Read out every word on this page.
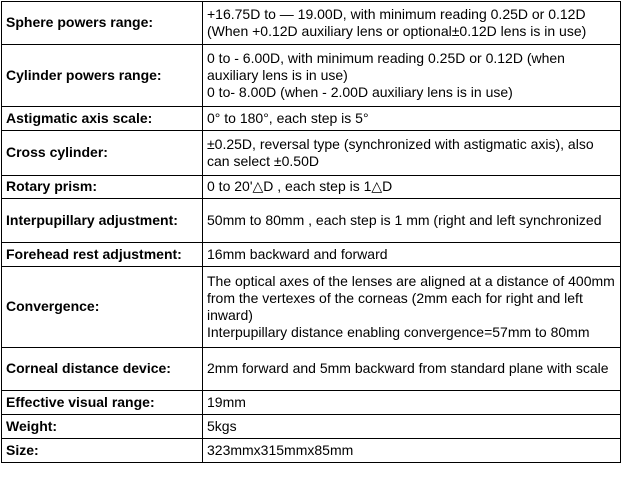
Sphere powers range:	+16.75D to — 19.00D, with minimum reading 0.25D or 0.12D (When +0.12D auxiliary lens or optional±0.12D lens is in use)

Cylinder powers range:	0 to - 6.00D, with minimum reading 0.25D or 0.12D (when auxiliary lens is in use)
0 to- 8.00D (when - 2.00D auxiliary lens is in use)

Astigmatic axis scale:	0° to 180°, each step is 5°

Cross cylinder:	±0.25D, reversal type (synchronized with astigmatic axis), also can select ±0.50D

Rotary prism:	0 to 20'△D , each step is 1△D

Interpupillary adjustment:	50mm to 80mm , each step is 1 mm (right and left synchronized

Forehead rest adjustment:	16mm backward and forward

Convergence:	The optical axes of the lenses are aligned at a distance of 400mm from the vertexes of the corneas (2mm each for right and left inward)
Interpupillary distance enabling convergence=57mm to 80mm

Corneal distance device:	2mm forward and 5mm backward from standard plane with scale

Effective visual range:	19mm

Weight:	5kgs

Size:	323mmx315mmx85mm
